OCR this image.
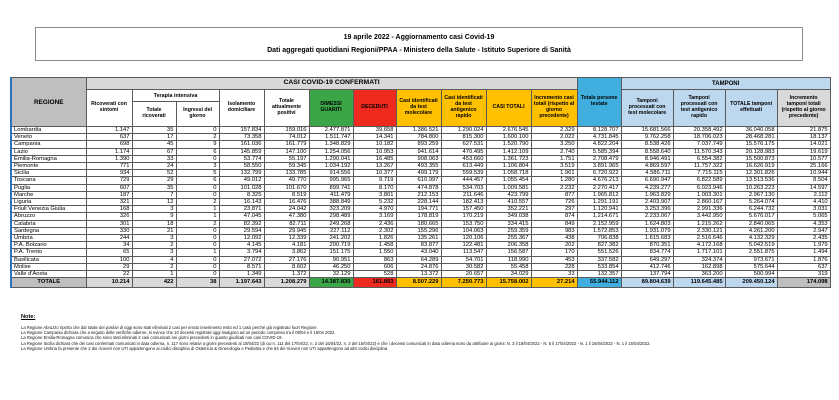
19 aprile 2022 - Aggiornamento casi Covid-19
Dati aggregati quotidiani Regioni/PPAA - Ministero della Salute - Istituto Superiore di Sanità
REGIONE	CASI COVID-19 CONFERMATI											Totale persone testate	TAMPONI			
	Ricoverati con sintomi	Terapia intensiva		Isolamento domiciliare	Totale attualmente positivi	DIMESSI GUARITI	DECEDUTI	Casi identificati da test molecolare	Casi identificati da test antigenico rapido	CASI TOTALI	Incremento casi totali (rispetto al giorno precedente)		Tamponi processati con test molecolare	Tamponi processati con test antigenico rapido	TOTALE tamponi effettuati	Incremento tamponi totali (rispetto al giorno precedente)
		Totale ricoverati	Ingressi del giorno													
Lombardia	1.147	35	0	157.834	159.016	2.477.871	39.658	1.386.521	1.290.024	2.676.545	2.329	8.128.707	15.681.566	20.358.492	36.040.058	21.875
Veneto	637	17	2	73.358	74.012	1.511.747	14.341	784.800	815.300	1.600.100	2.022	4.731.845	9.762.258	18.706.023	28.468.281	18.137
Campania	698	45	9	161.036	161.779	1.348.829	10.182	893.259	627.531	1.520.790	3.250	4.822.204	8.538.426	7.037.749	15.576.175	14.021
Lazio	1.174	67	6	145.859	147.100	1.254.056	10.953	941.614	470.495	1.412.109	2.740	5.585.394	8.558.640	11.570.343	20.128.983	19.619
Emilia-Romagna	1.390	33	0	53.774	55.197	1.290.041	16.485	908.063	453.660	1.361.723	1.751	2.708.479	8.946.491	6.554.382	15.500.873	10.577
Piemonte	771	24	3	58.550	59.345	1.034.192	13.267	493.355	613.449	1.106.804	3.519	3.891.965	4.869.597	11.757.322	16.626.919	25.166
Sicilia	934	52	5	132.799	133.785	914.556	10.377	499.179	559.539	1.058.718	1.961	6.720.922	4.586.711	7.715.115	12.301.826	10.944
Toscana	729	29	6	49.012	49.770	995.965	9.719	610.997	444.457	1.055.454	1.280	4.676.213	6.690.947	6.822.589	13.513.536	8.504
Puglia	607	35	0	101.028	101.670	899.741	8.170	474.878	534.703	1.009.581	2.232	2.270.417	4.239.277	6.023.946	10.263.223	14.597
Marche	187	7	0	8.325	8.519	411.479	3.801	212.153	211.646	423.799	877	1.965.812	1.963.829	1.003.301	2.967.130	2.112
Liguria	321	12	2	16.143	16.476	388.849	5.232	228.144	182.413	410.557	726	1.291.191	2.403.907	2.860.167	5.264.074	4.410
Friuli Venezia Giulia	168	3	1	23.871	24.042	323.209	4.970	194.771	157.450	352.221	297	1.120.941	3.253.396	2.991.336	6.244.732	3.031
Abruzzo	326	9	1	47.045	47.380	298.489	3.169	178.819	170.219	349.038	874	1.214.671	2.233.067	3.442.950	5.676.017	5.065
Calabria	301	18	2	82.392	82.711	249.268	2.436	180.665	153.750	334.415	849	2.152.959	1.624.803	1.215.262	2.840.065	4.353
Sardegna	330	21	0	29.594	29.945	227.112	2.302	155.296	104.063	259.359	983	1.572.853	1.931.079	2.330.121	4.261.200	2.947
Umbria	244	3	0	12.092	12.339	241.202	1.826	135.261	120.106	255.367	438	706.838	1.615.683	2.516.646	4.132.329	2.435
P.A. Bolzano	34	2	0	4.145	4.181	200.719	1.458	83.877	122.481	206.358	202	827.382	870.351	4.172.168	5.042.519	1.979
P.A. Trento	65	3	1	3.794	3.862	151.175	1.550	43.040	113.547	156.587	170	551.526	834.774	1.717.101	2.551.875	1.494
Basilicata	100	4	0	27.072	27.176	90.951	863	64.289	54.701	118.990	453	337.582	649.297	324.374	973.671	1.876
Molise	29	2	0	8.571	8.602	46.250	606	24.876	30.582	55.458	228	533.854	412.746	162.898	575.644	637
Valle d'Aosta	22	1	0	1.349	1.372	32.129	528	13.372	20.657	34.029	33	132.357	137.794	363.200	500.994	319
TOTALE	10.214	422	38	1.197.643	1.208.279	14.387.830	161.893	8.507.229	7.250.773	15.758.002	27.214	55.944.112	89.804.639	119.645.485	209.450.124	174.098
Note:
La Regione Abruzzo riporta che dal totale dei positivi di oggi sono stati eliminati 2 casi per errato inserimento esito ed 1 caso perché già registrato fuori Regione.
La Regione Campania dichiara che a seguito delle verifiche odierne, si evince che 10 decessi registrati oggi risalgono ad un periodo compreso tra il 09/04 e il 16/04 2022.
La Regione Emilia-Romagna comunica che sono stati eliminati 2 casi comunicati nei giorni precedenti in quanto giudicati non casi COVID-19.
La Regione Sicilia dichiara che dei casi confermati comunicati in data odierna, n. 117 sono relativi a giorni precedenti al 18/04/22 (di cui n. 111 del 17/04/22, n. 2 del 16/04/22, n. 2 del 15/04/22) e che i decessi comunicati in data odierna sono da attribuire ai giorni: N. 3 il 18/04/2022 - N. 5 il 17/04/2022 - N. 1 il 16/04/2022 - N. 1 il 15/04/2022.
La Regione Umbria fa presente che 2 dei ricoveri non UTI appartengono ai codici disciplina di Ostetricia & Ginecologia e Pediatria e che 64 dei ricoveri non UTI appartengono ad altri codici disciplina.
